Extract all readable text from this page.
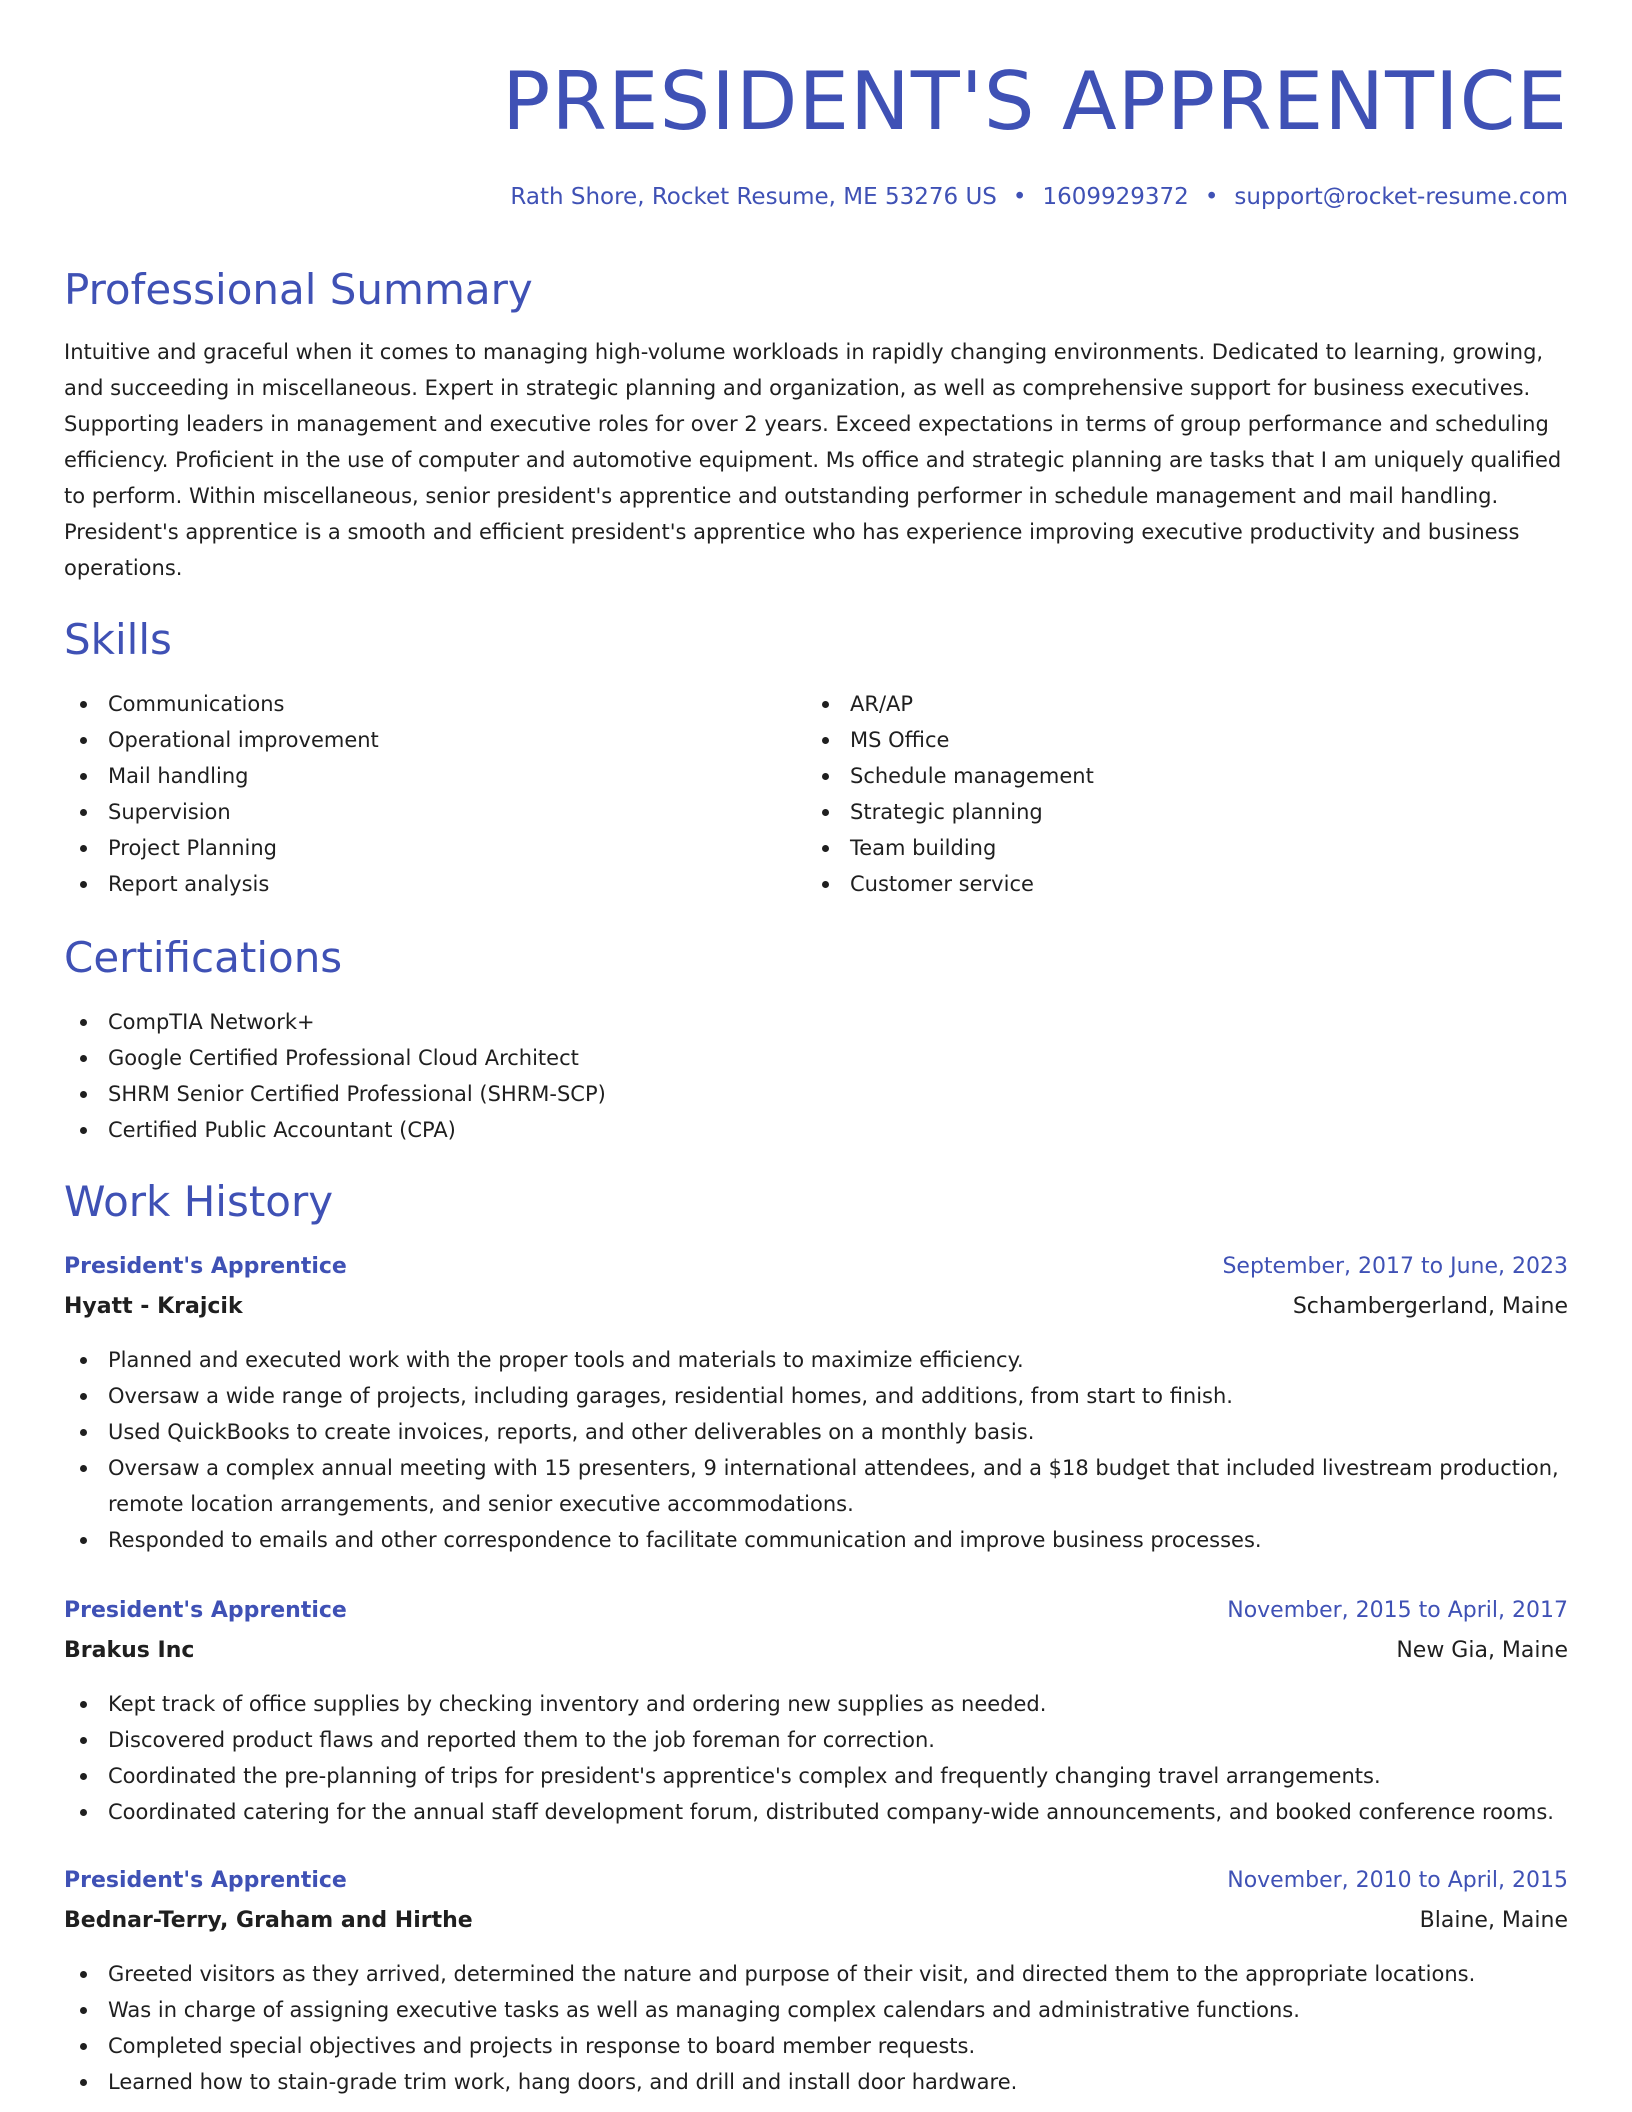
PRESIDENT'S APPRENTICE
Rath Shore, Rocket Resume, ME 53276 US • 1609929372 • support@rocket-resume.com
Professional Summary

Intuitive and graceful when it comes to managing high-volume workloads in rapidly changing environments. Dedicated to learning, growing, and succeeding in miscellaneous. Expert in strategic planning and organization, as well as comprehensive support for business executives. Supporting leaders in management and executive roles for over 2 years. Exceed expectations in terms of group performance and scheduling efficiency. Proficient in the use of computer and automotive equipment. Ms office and strategic planning are tasks that I am uniquely qualified to perform. Within miscellaneous, senior president's apprentice and outstanding performer in schedule management and mail handling. President's apprentice is a smooth and efficient president's apprentice who has experience improving executive productivity and business operations.

Skills
Communications
Operational improvement
Mail handling
Supervision
Project Planning
Report analysis
AR/AP
MS Office
Schedule management
Strategic planning
Team building
Customer service
Certifications
CompTIA Network+
Google Certified Professional Cloud Architect
SHRM Senior Certified Professional (SHRM-SCP)
Certified Public Accountant (CPA)
Work History
President's Apprentice	September, 2017 to June, 2023
Hyatt - Krajcik	Schambergerland, Maine
Planned and executed work with the proper tools and materials to maximize efficiency.
Oversaw a wide range of projects, including garages, residential homes, and additions, from start to finish.
Used QuickBooks to create invoices, reports, and other deliverables on a monthly basis.
Oversaw a complex annual meeting with 15 presenters, 9 international attendees, and a $18 budget that included livestream production, remote location arrangements, and senior executive accommodations.
Responded to emails and other correspondence to facilitate communication and improve business processes.
President's Apprentice	November, 2015 to April, 2017
Brakus Inc	New Gia, Maine
Kept track of office supplies by checking inventory and ordering new supplies as needed.
Discovered product flaws and reported them to the job foreman for correction.
Coordinated the pre-planning of trips for president's apprentice's complex and frequently changing travel arrangements.
Coordinated catering for the annual staff development forum, distributed company-wide announcements, and booked conference rooms.
President's Apprentice	November, 2010 to April, 2015
Bednar-Terry, Graham and Hirthe	Blaine, Maine
Greeted visitors as they arrived, determined the nature and purpose of their visit, and directed them to the appropriate locations.
Was in charge of assigning executive tasks as well as managing complex calendars and administrative functions.
Completed special objectives and projects in response to board member requests.
Learned how to stain-grade trim work, hang doors, and drill and install door hardware.
